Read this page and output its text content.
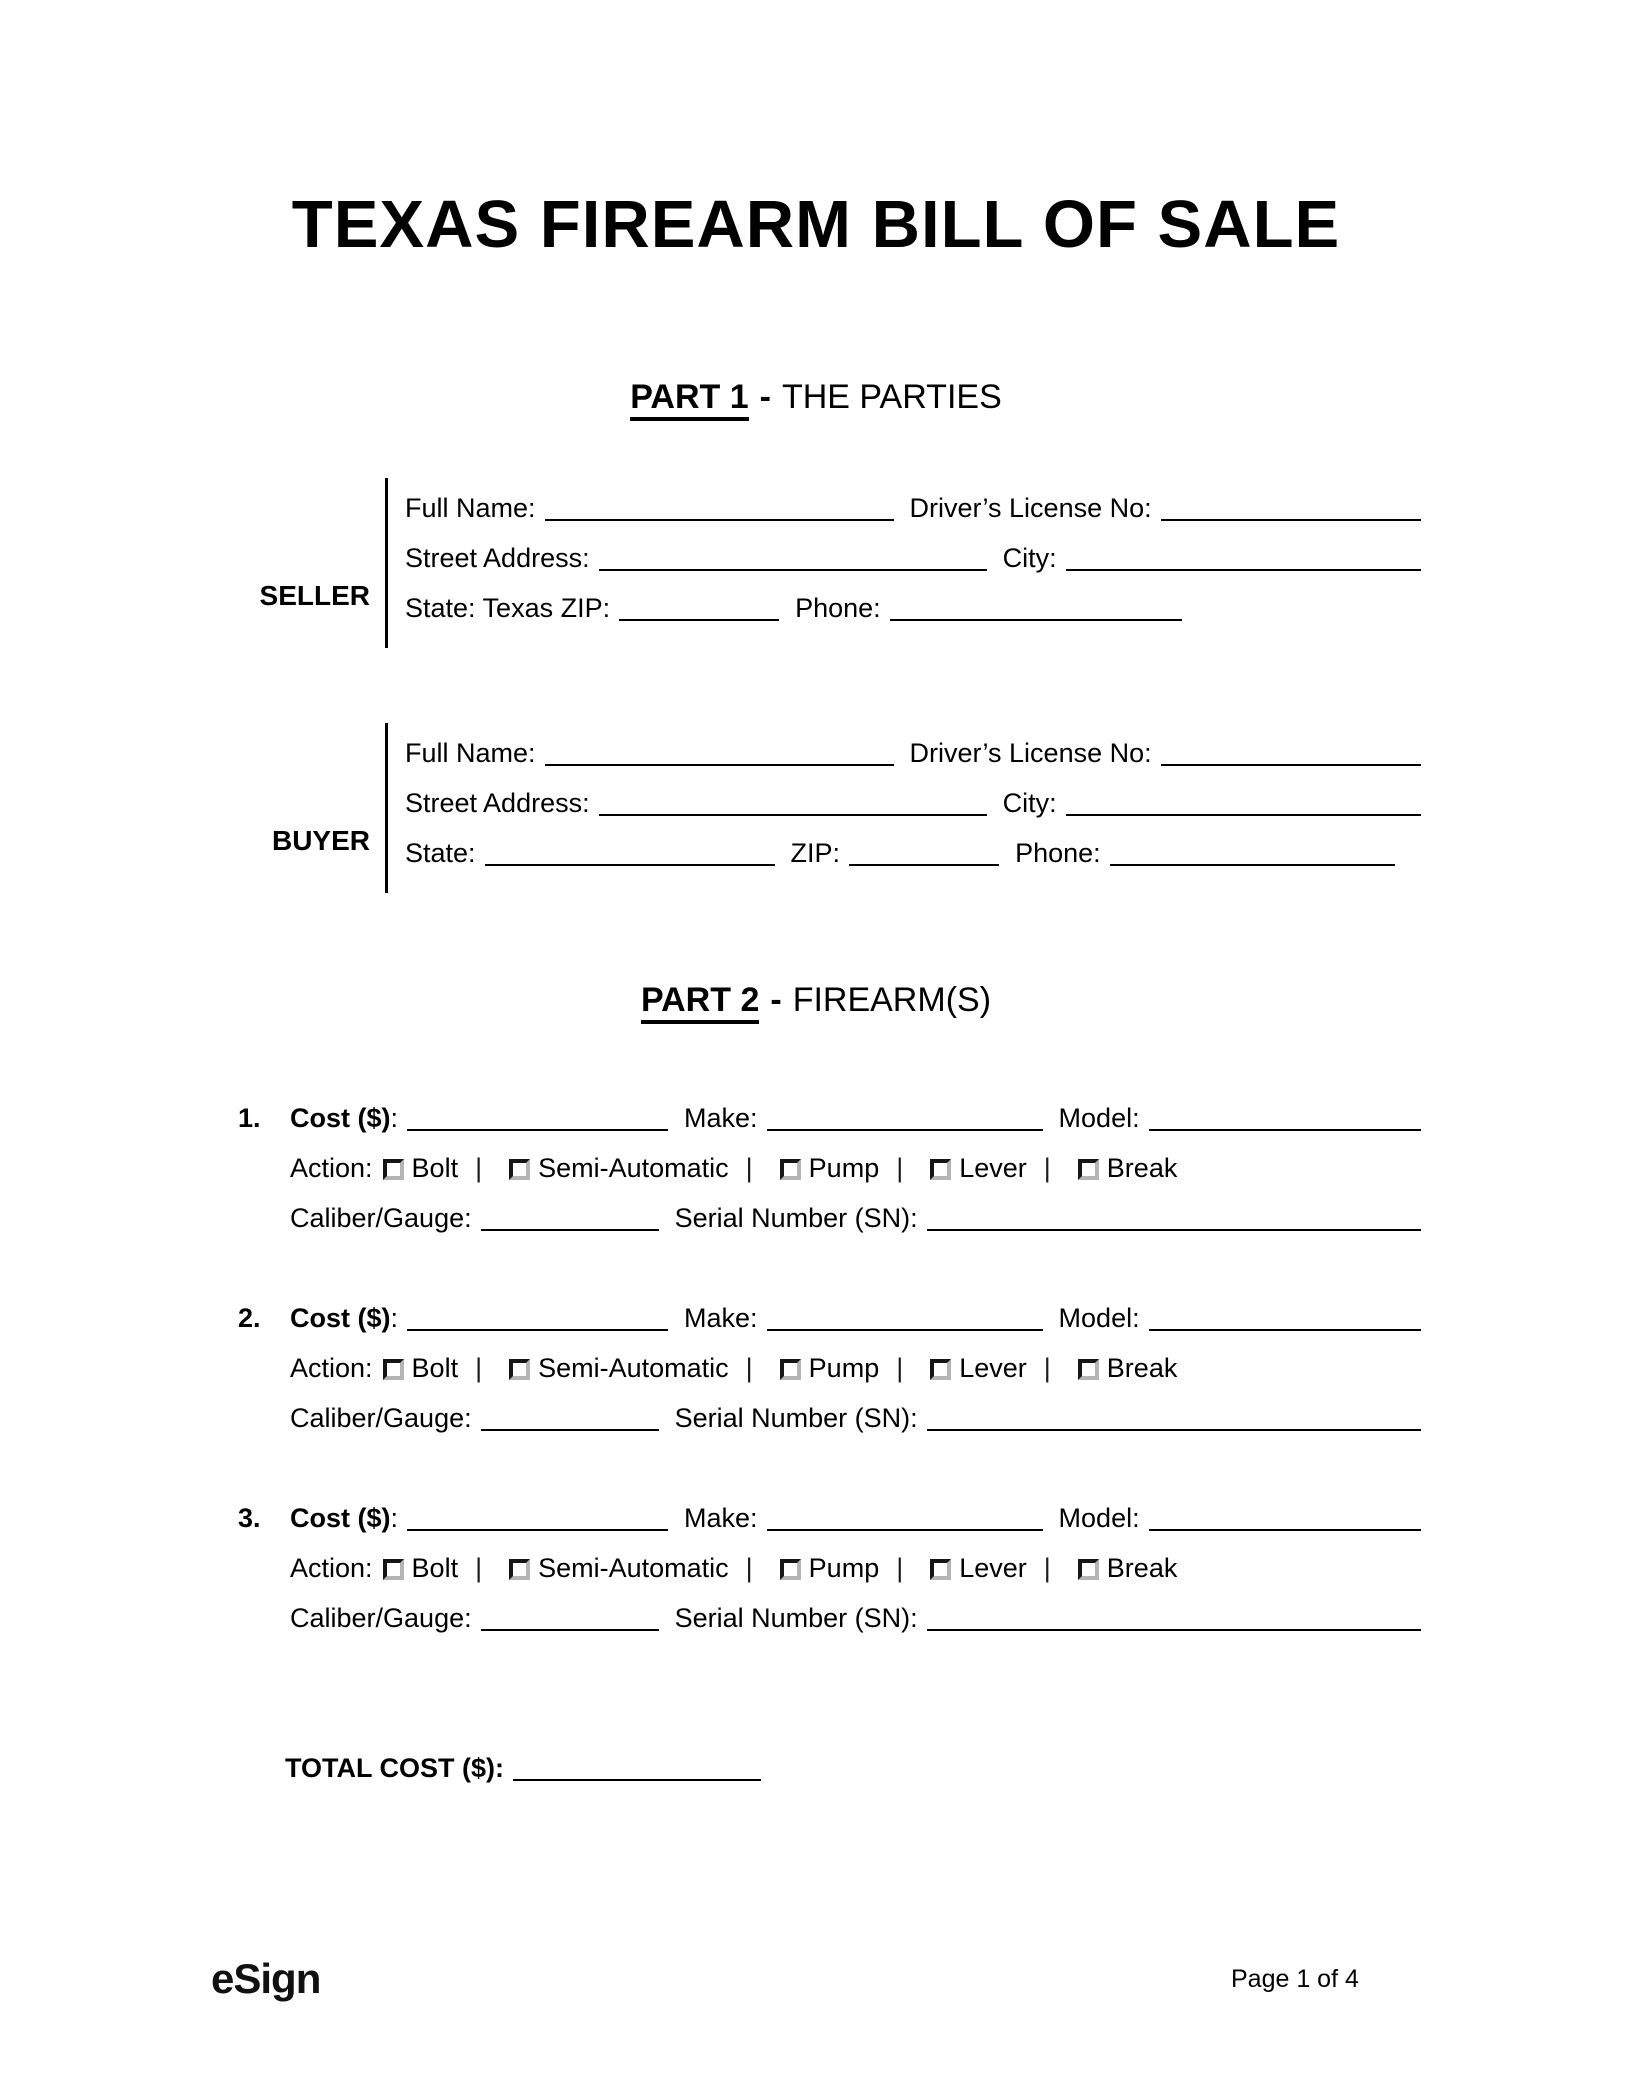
TEXAS FIREARM BILL OF SALE
PART 1 - THE PARTIES
SELLER
Full Name:	Driver’s License No:
Street Address:	City:
State: Texas ZIP:	Phone:
BUYER
Full Name:	Driver’s License No:
Street Address:	City:
State:	ZIP:	Phone:
PART 2 - FIREARM(S)
1.	Cost ($):	Make:	Model:
Action: Bolt | Semi-Automatic | Pump | Lever | Break
Caliber/Gauge:	Serial Number (SN):
2.	Cost ($):	Make:	Model:
Action: Bolt | Semi-Automatic | Pump | Lever | Break
Caliber/Gauge:	Serial Number (SN):
3.	Cost ($):	Make:	Model:
Action: Bolt | Semi-Automatic | Pump | Lever | Break
Caliber/Gauge:	Serial Number (SN):
TOTAL COST ($):
eSign	Page 1 of 4
